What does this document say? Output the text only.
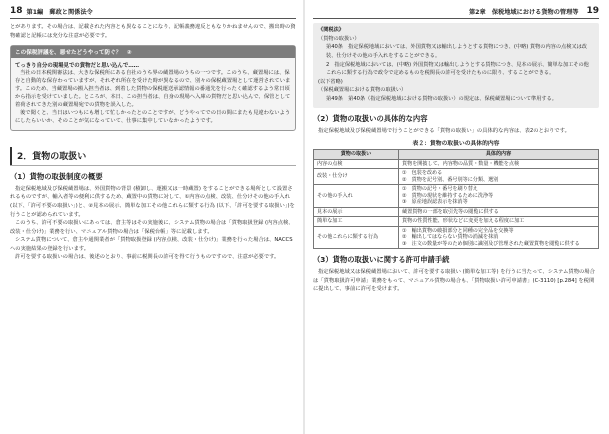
18 第1編　郵政と関係法令

とがあります。その場合は、記載された内容とも異なることになり、記帳義務違反ともなりかねませんので、搬出時の資物確認と記帳には充分な注意が必要です。

この保税評議を、悪せたどうやって防ぐ？　②
てっきり自分の現場見での貨物だと思い込んで……

当社の日本税関審法は、大きな保税所にある自社のうち界の蔵置場のうちの一つです。このうち、蔵置場には、保存と自動的な保存わっていますが、それぞれ所在を受けた時が異なるので、別々の保税蔵置場として運営されています。このため、当蔵置場の搬入担当者は、到着した貨物の保税運送承認情報の番通先を行ったく確認するよう常日頃から指示を受けていました。ところが、本日、この担当者は、自身の現場へ入庫の貨物だと思い込んで、保管として着荷されてきた別の蔵置場宛での貨物を誤入した。

後で聞くと、当日はいつもにも増して忙しかったとのことですが、どうやってでの日の間にまたも見違わないようにしたらいいか、そのことが気になっていて、仕事に集中していなかったようです。

2．貨物の取扱い
（1）貨物の取扱制度の概要

指定保税地域及び保税蔵置場は、外国貨物の背景 (積卸し、運搬又は一時蔵置) をすることができる場所として設置されるものですが、輸入者等の便利に供するため、蔵置中の貨物に対して、①内容の点検、改装、仕分けその他の手入れ (以下、「許可不要の取扱い」)と、②見本の展示、簡単な加工その他これらに類する行為 (以下、「許可を要する取扱い」)を行うことが認められています。

このうち、許可不要の取扱いにあっては、倉主等はその実施後に、システム貨物の場合は「貨物取扱登録 (内容点検、改装・仕分け)」業務を行い、マニュアル貨物の場合は「保税台帳」等に記載します。

システム貨物について、倉主や通関業者が「貨物取扱登録 (内容点検、改装・仕分け)」業務を行った場合は、NACCSへの実施結果の登録を行います。

許可を要する取扱いの場合は、後述のとおり、事前に税関長の許可を得て行うものですので、注意が必要です。

第2章　保税地域における貨物の管理等 19
《関税法》
（貨物の取扱い）
第40条　指定保税地域においては、外国貨物又は輸出しようとする貨物につき、(中略) 貨物の内容の点検又は改装、仕分けその他の手入れをすることができる。
2　指定保税地域においては、(中略) 外国貨物又は輸出しようとする貨物につき、見本の展示、簡単な加工その他これらに類する行為で政令で定めるものを税関長の許可を受けたものに限り、することができる。
(以下省略)
（保税蔵置場における貨物の取扱い）
第49条　第40条（指定保税地域における貨物の取扱い）の規定は、保税蔵置場について準用する。
（2）貨物の取扱いの具体的な内容

指定保税地域及び保税蔵置場で行うことができる「貨物の取扱い」の具体的な内容は、表2のとおりです。

表２：貨物の取扱いの具体的内容
貨物の取扱い	具体的内容
内容の点検	貨物を開披して、内容物の品質・数量・機能を点検

改装・仕分け	①　包装を改める
②　貨物を記号別、番号別等に分類、選別

その他の手入れ	①　貨物の記号・番号を刷り替え
②　貨物の現状を維持するために洗浄等
③　原産地誤認表示を抹消等

見本の展示	蔵置貨物の一部を取引先等の閲覧に供する

簡単な加工	貨物の性質性能、形状などに変更を加える程度に加工

その他これらに類する行為	①　輸出貨物の破損部分と同種の完全品を交換等
②　輸出してはならない貨物の消滅を抹消
③　注文の数量が等のため個別に識別及び管理された蔵置貨物を閲覧に供する
（3）貨物の取扱いに関する許可申請手続

指定保税地域又は保税蔵置場において、許可を要する取扱い (簡単な加工等) を行うに当たって、システム貨物の場合は「貨物取扱許可申請」業務をもって、マニュアル貨物の場合も、「貨物取扱い許可申請書」(C-3110) [p.284] を税関に提出して、事前に許可を受けます。
